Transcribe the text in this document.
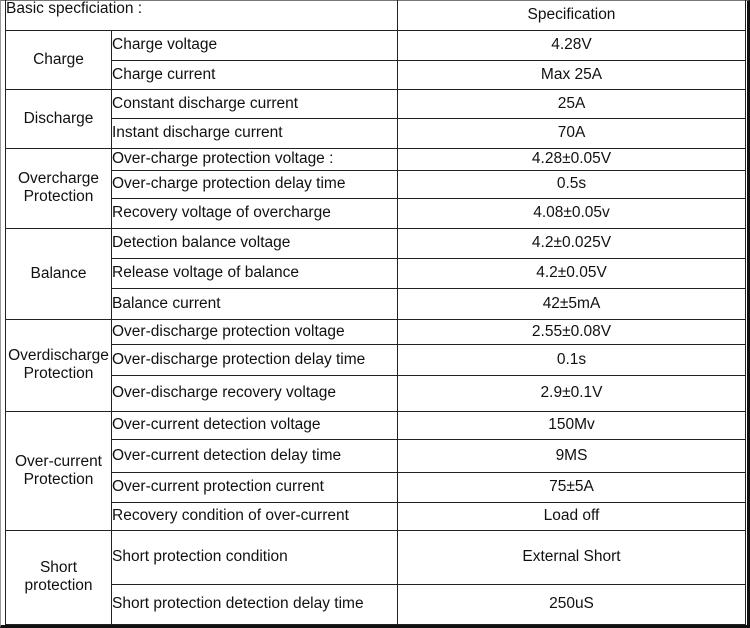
Basic specficiation :		Specification
Charge	Charge voltage	4.28V
	Charge current	Max 25A
Discharge	Constant discharge current	25A
	Instant discharge current	70A

Overcharge
Protection	Over-charge protection voltage :	4.28±0.05V
	Over-charge protection delay time	0.5s
	Recovery voltage of overcharge	4.08±0.05v
Balance	Detection balance voltage	4.2±0.025V
	Release voltage of balance	4.2±0.05V
	Balance current	42±5mA

Overdischarge
Protection	Over-discharge protection voltage	2.55±0.08V
	Over-discharge protection delay time	0.1s
	Over-discharge recovery voltage	2.9±0.1V

Over-current
Protection	Over-current detection voltage	150Mv
	Over-current detection delay time	9MS
	Over-current protection current	75±5A
	Recovery condition of over-current	Load off

Short
protection	Short protection condition	External Short
	Short protection detection delay time	250uS
